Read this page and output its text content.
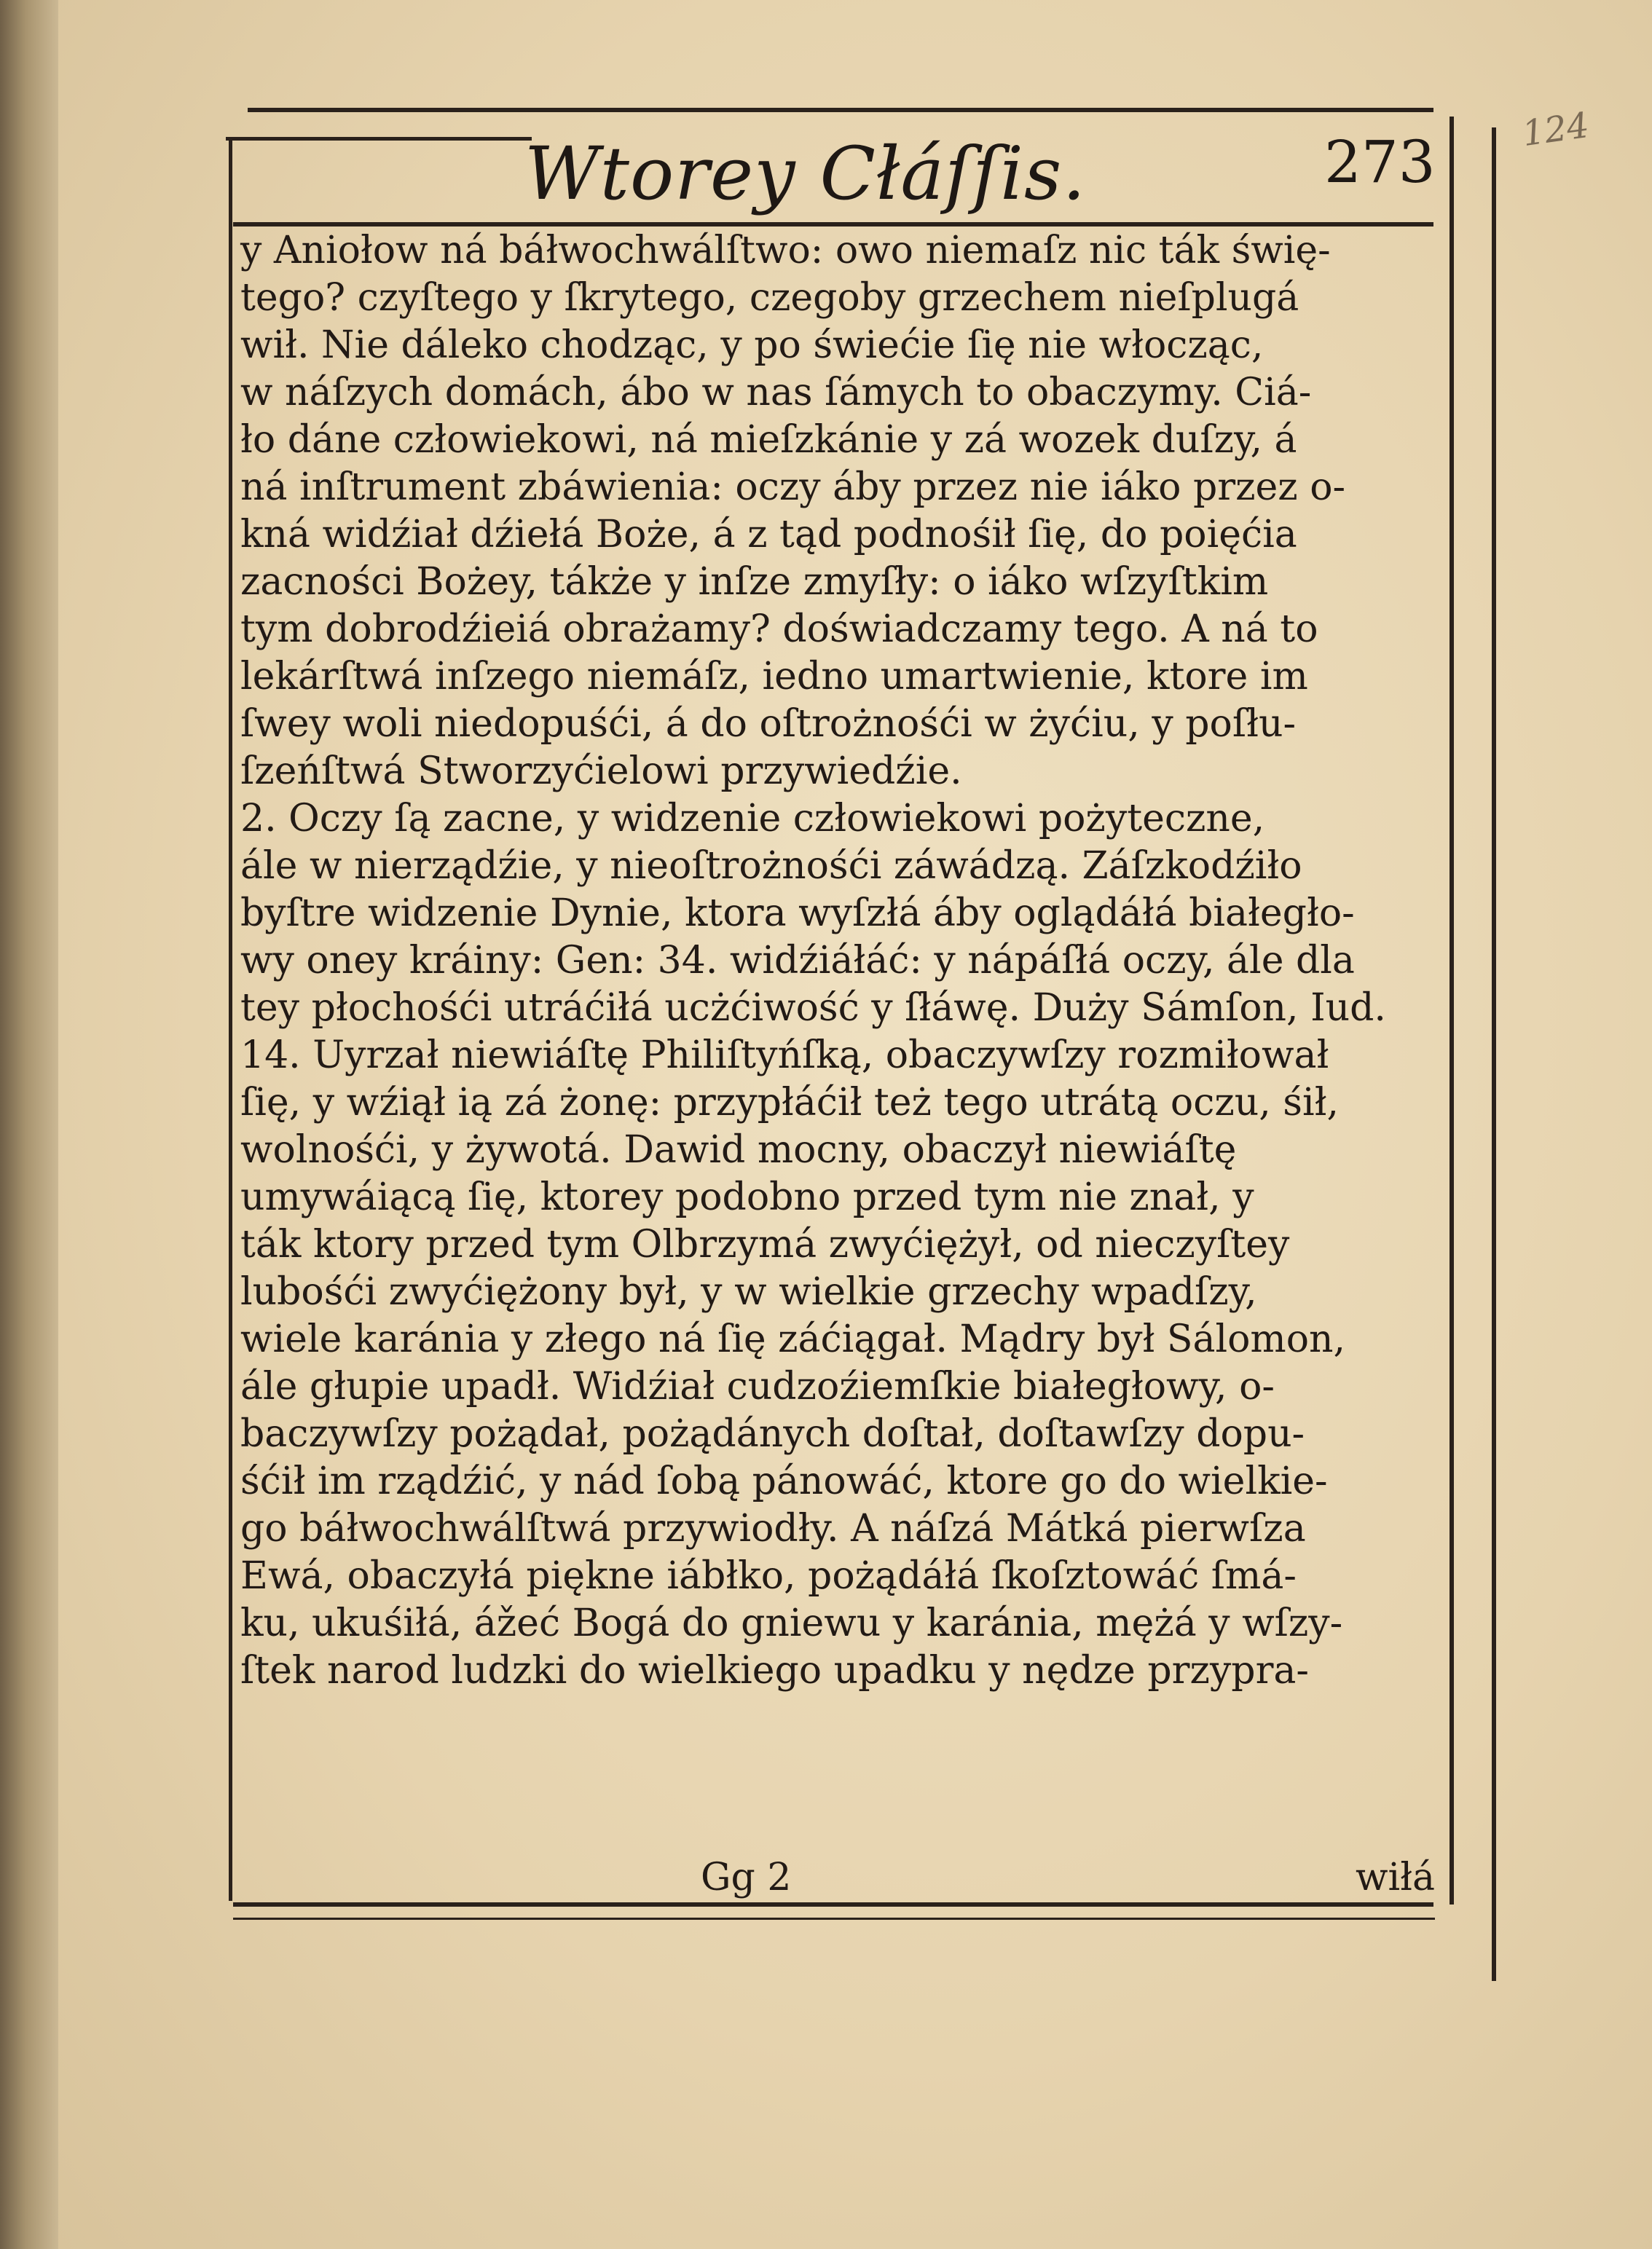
124
Wtorey Cłáſſis.	273
y Aniołow ná báłwochwálſtwo: owo niemaſz nic ták świę-
tego? czyſtego y ſkrytego, czegoby grzechem nieſplugá
wił. Nie dáleko chodząc, y po świećie ſię nie włocząc,
w náſzych domách, ábo w nas ſámych to obaczymy. Ciá-
ło dáne człowiekowi, ná mieſzkánie y zá wozek duſzy, á
ná inſtrument zbáwienia: oczy áby przez nie iáko przez o-
kná widźiał dźiełá Boże, á z tąd podnośił ſię, do poięćia
zacności Bożey, tákże y inſze zmyſły: o iáko wſzyſtkim
tym dobrodźieiá obrażamy? doświadczamy tego. A ná to
lekárſtwá inſzego niemáſz, iedno umartwienie, ktore im
ſwey woli niedopuśći, á do oſtrożnośći w żyćiu, y poſłu-
ſzeńſtwá Stworzyćielowi przywiedźie.
2. Oczy ſą zacne, y widzenie człowiekowi pożyteczne,
ále w nierządźie, y nieoſtrożnośći záwádzą. Záſzkodźiło
byſtre widzenie Dynie, ktora wyſzłá áby oglądáłá białegło-
wy oney kráiny: Gen: 34. widźiáłáć: y nápáſłá oczy, ále dla
tey płochośći utráćiłá ucżćiwość y ſłáwę. Duży Sámſon, Iud.
14. Uyrzał niewiáſtę Philiſtyńſką, obaczywſzy rozmiłował
ſię, y wźiął ią zá żonę: przypłáćił też tego utrátą oczu, śił,
wolnośći, y żywotá. Dawid mocny, obaczył niewiáſtę
umywáiącą ſię, ktorey podobno przed tym nie znał, y
ták ktory przed tym Olbrzymá zwyćiężył, od nieczyſtey
lubośći zwyćiężony był, y w wielkie grzechy wpadſzy,
wiele karánia y złego ná ſię záćiągał. Mądry był Sálomon,
ále głupie upadł. Widźiał cudzoźiemſkie białegłowy, o-
baczywſzy pożądał, pożądánych doſtał, doſtawſzy dopu-
śćił im rządźić, y nád ſobą pánowáć, ktore go do wielkie-
go báłwochwálſtwá przywiodły. A náſzá Mátká pierwſza
Ewá, obaczyłá piękne iábłko, pożądáłá ſkoſztowáć ſmá-
ku, ukuśiłá, ážeć Bogá do gniewu y karánia, mężá y wſzy-
ſtek narod ludzki do wielkiego upadku y nędze przypra-
Gg 2	wiłá
